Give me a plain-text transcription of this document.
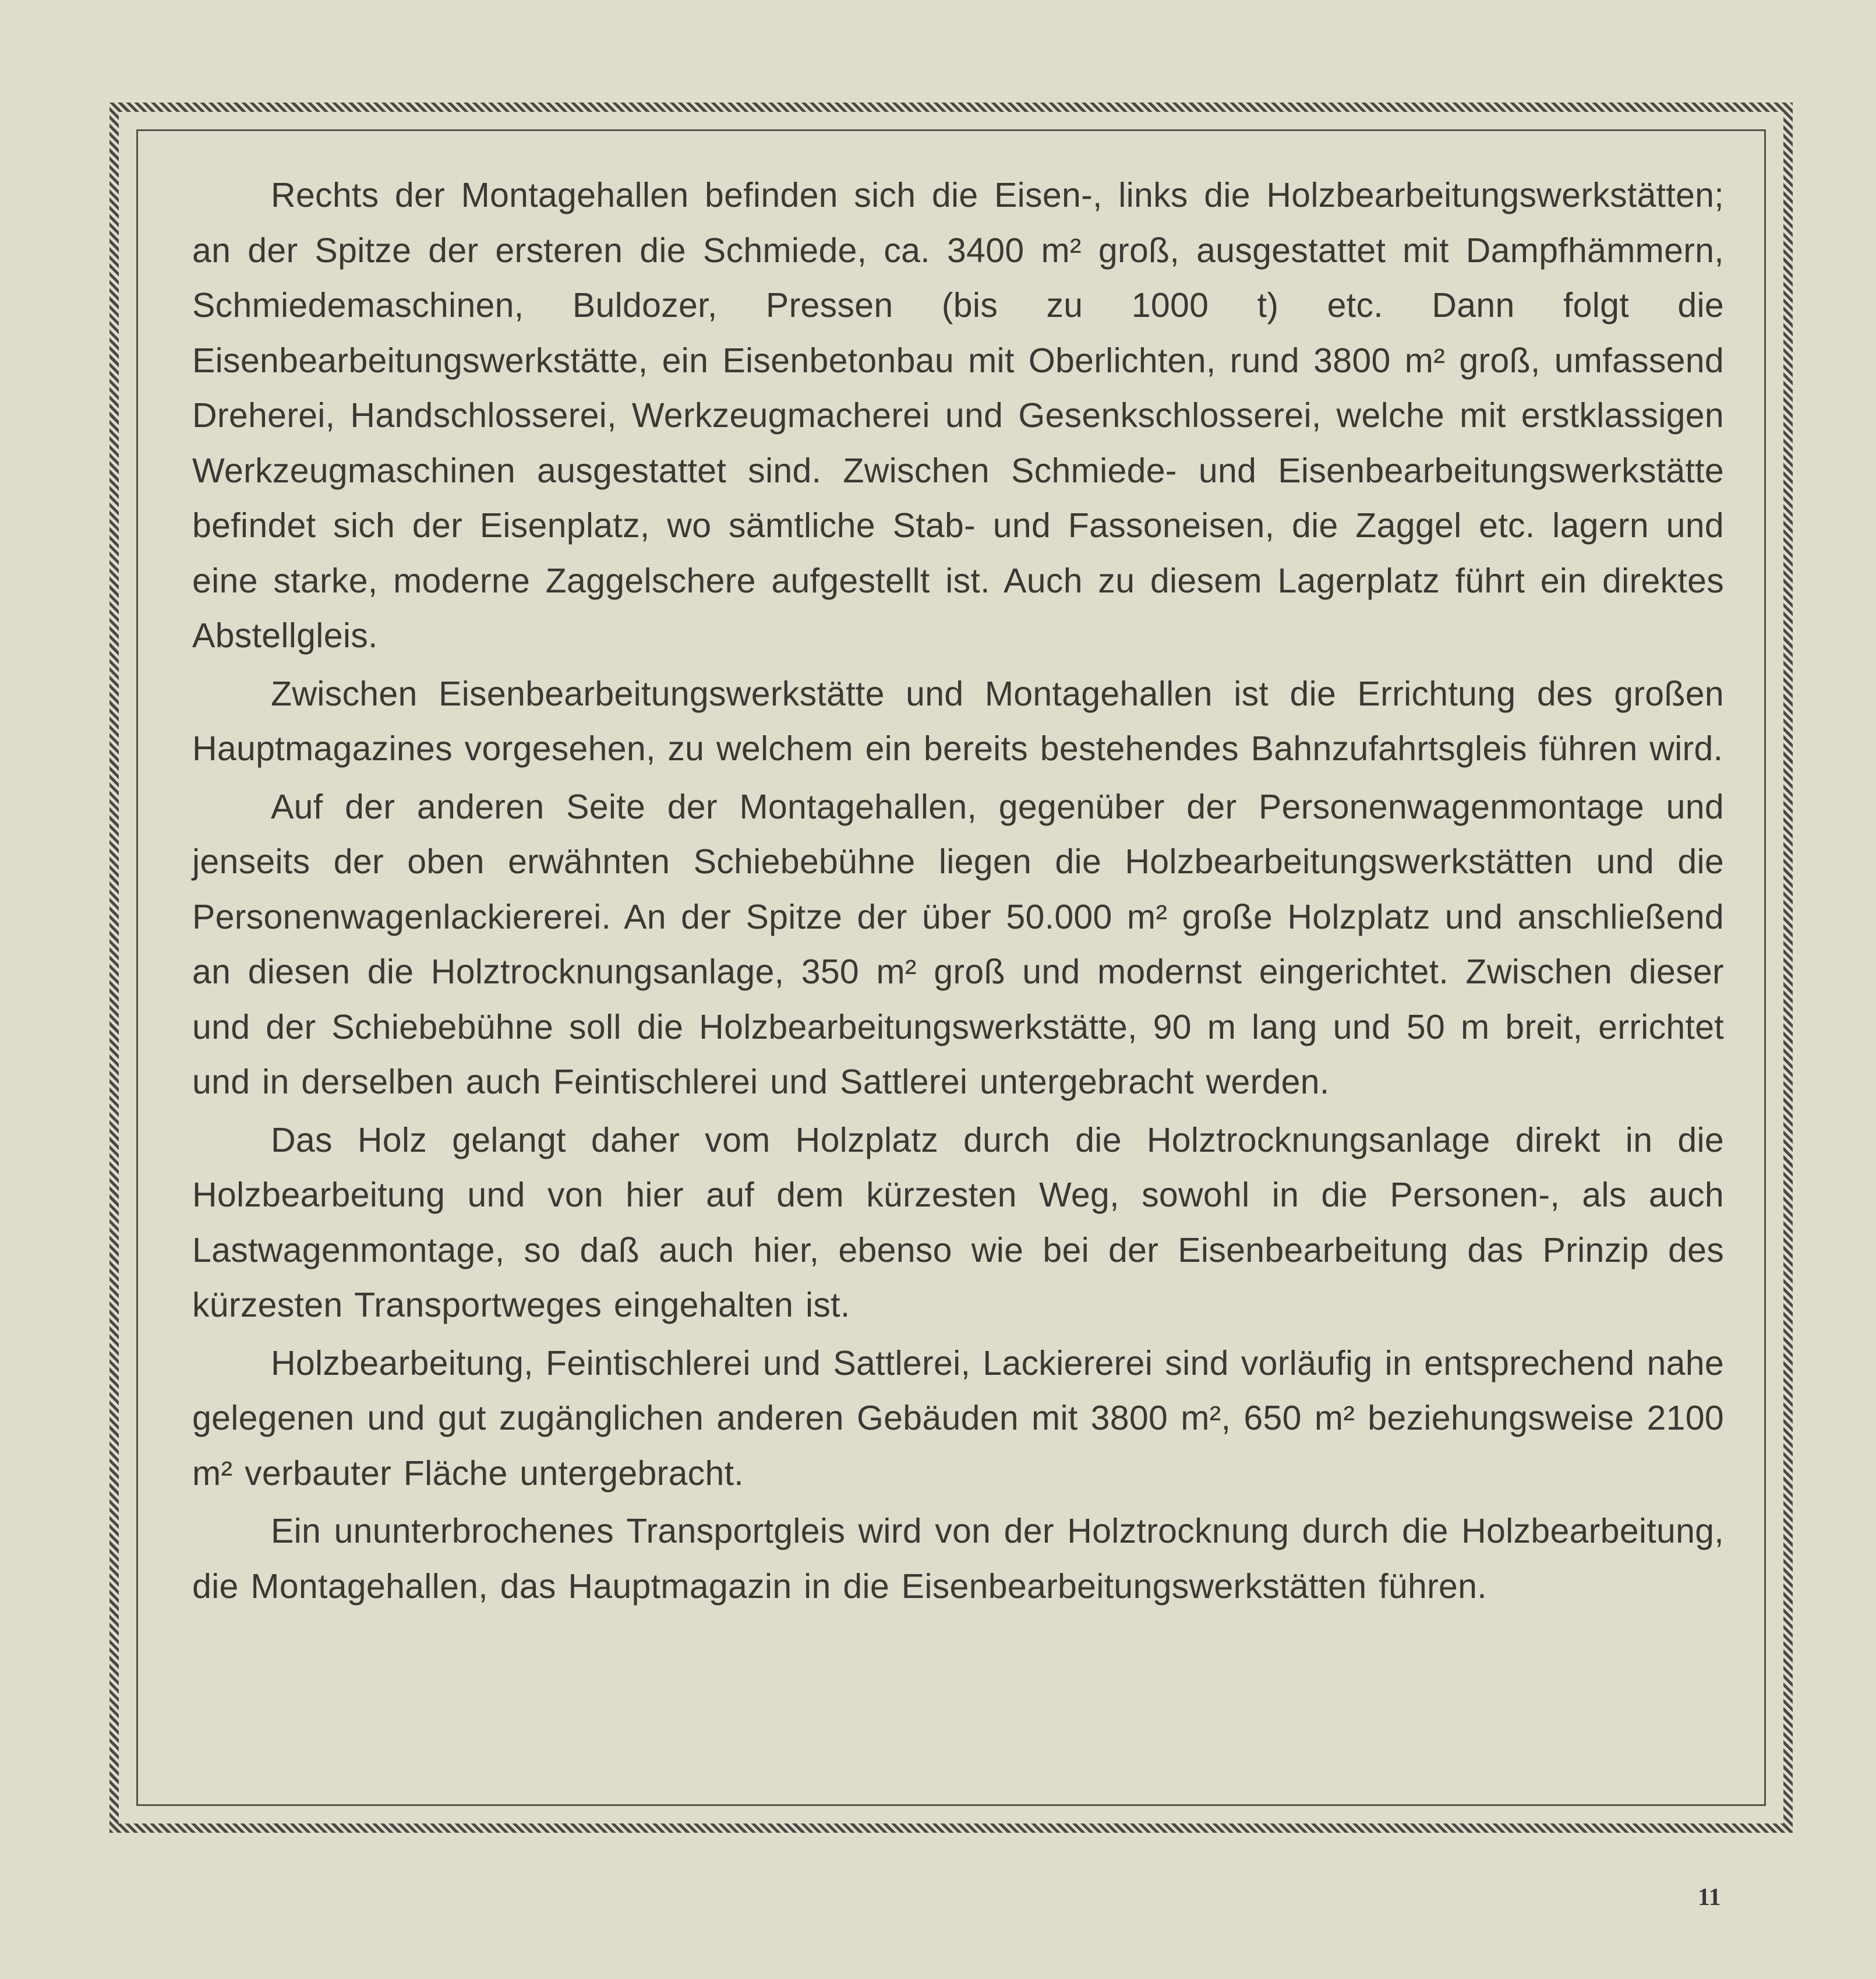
Rechts der Montagehallen befinden sich die Eisen-, links die Holzbearbeitungswerkstätten; an der Spitze der ersteren die Schmiede, ca. 3400 m² groß, ausgestattet mit Dampfhämmern, Schmiedemaschinen, Buldozer, Pressen (bis zu 1000 t) etc. Dann folgt die Eisenbearbeitungswerkstätte, ein Eisenbetonbau mit Oberlichten, rund 3800 m² groß, umfassend Dreherei, Handschlosserei, Werkzeugmacherei und Gesenkschlosserei, welche mit erstklassigen Werkzeugmaschinen ausgestattet sind. Zwischen Schmiede- und Eisenbearbeitungswerkstätte befindet sich der Eisenplatz, wo sämtliche Stab- und Fassoneisen, die Zaggel etc. lagern und eine starke, moderne Zaggelschere aufgestellt ist. Auch zu diesem Lagerplatz führt ein direktes Abstellgleis.

Zwischen Eisenbearbeitungswerkstätte und Montagehallen ist die Errichtung des großen Hauptmagazines vorgesehen, zu welchem ein bereits bestehendes Bahnzufahrtsgleis führen wird.

Auf der anderen Seite der Montagehallen, gegenüber der Personenwagenmontage und jenseits der oben erwähnten Schiebebühne liegen die Holzbearbeitungswerkstätten und die Personenwagenlackiererei. An der Spitze der über 50.000 m² große Holzplatz und anschließend an diesen die Holztrocknungsanlage, 350 m² groß und modernst eingerichtet. Zwischen dieser und der Schiebebühne soll die Holzbearbeitungswerkstätte, 90 m lang und 50 m breit, errichtet und in derselben auch Feintischlerei und Sattlerei untergebracht werden.

Das Holz gelangt daher vom Holzplatz durch die Holztrocknungsanlage direkt in die Holzbearbeitung und von hier auf dem kürzesten Weg, sowohl in die Personen-, als auch Lastwagenmontage, so daß auch hier, ebenso wie bei der Eisenbearbeitung das Prinzip des kürzesten Transportweges eingehalten ist.

Holzbearbeitung, Feintischlerei und Sattlerei, Lackiererei sind vorläufig in entsprechend nahe gelegenen und gut zugänglichen anderen Gebäuden mit 3800 m², 650 m² beziehungsweise 2100 m² verbauter Fläche untergebracht.

Ein ununterbrochenes Transportgleis wird von der Holztrocknung durch die Holzbearbeitung, die Montagehallen, das Hauptmagazin in die Eisenbearbeitungswerkstätten führen.

11
